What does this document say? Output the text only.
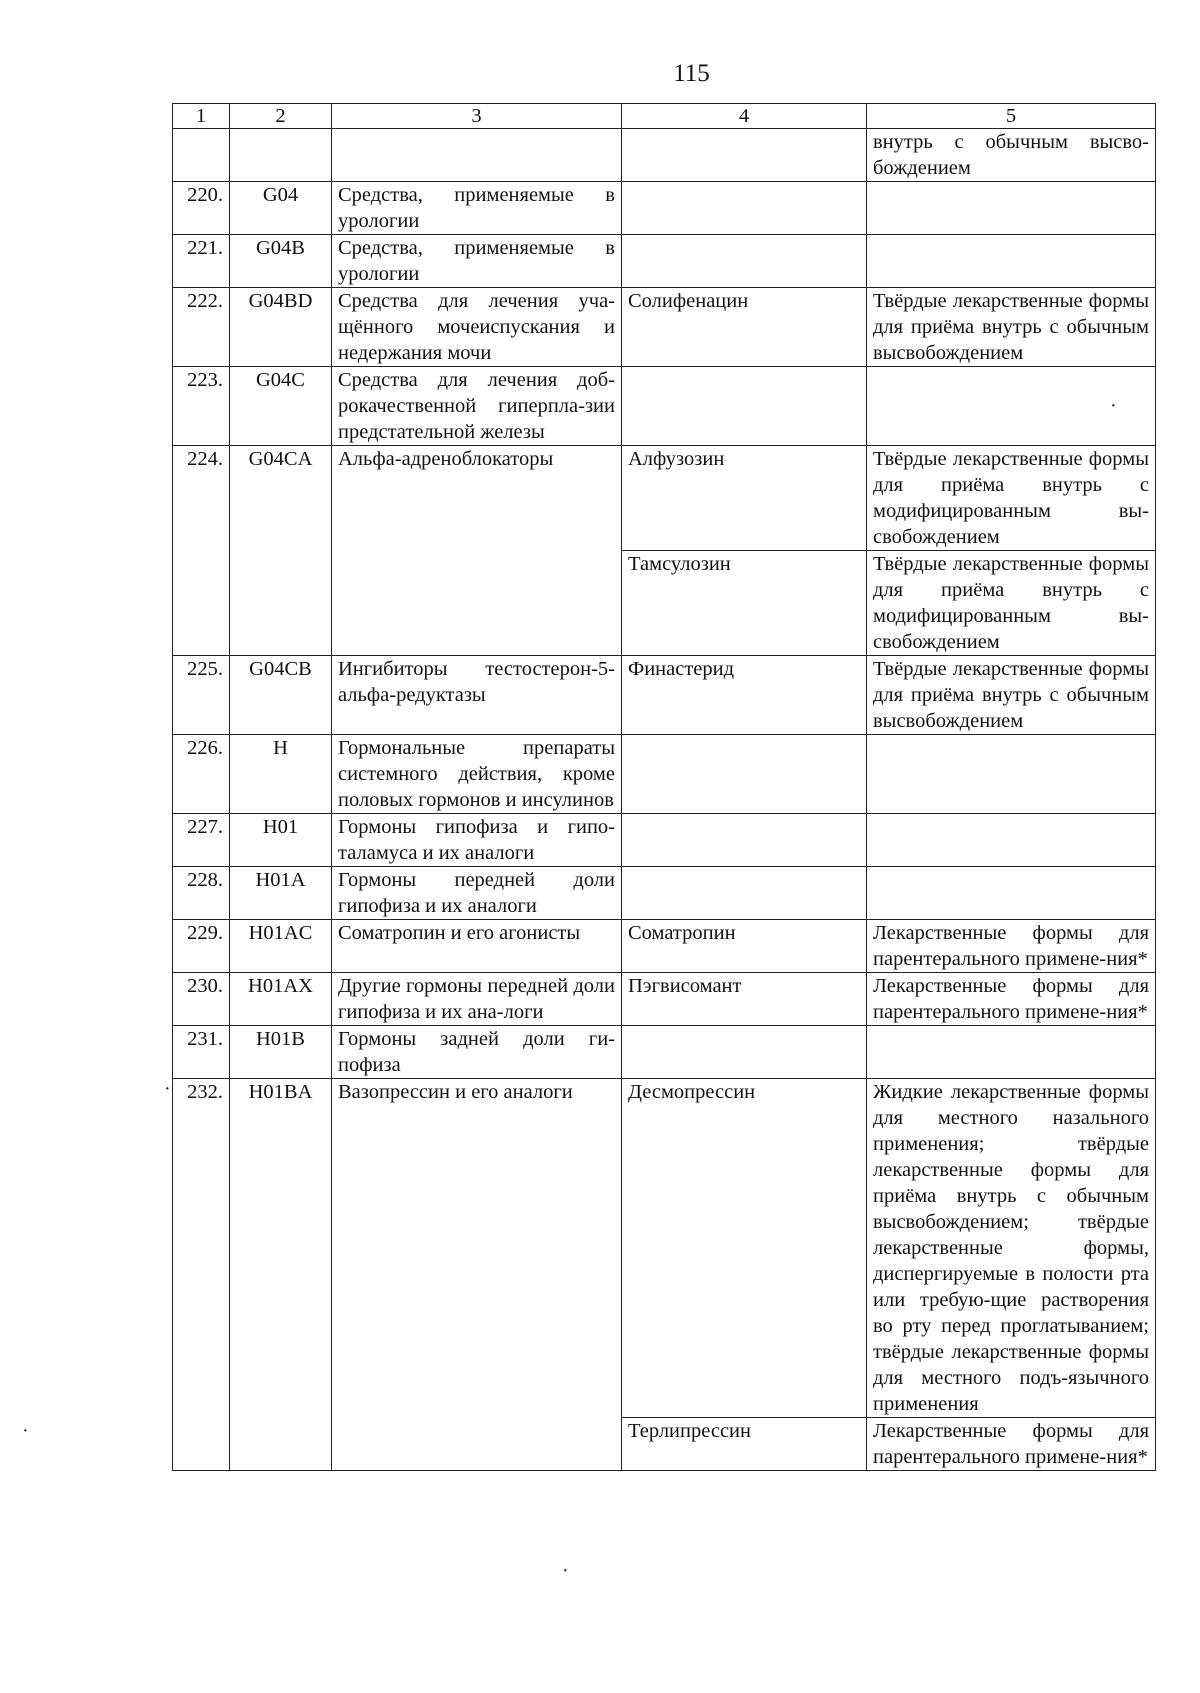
115
1	2	3	4	5
				внутрь с обычным высво-бождением
220.	G04	Средства, применяемые в урологии		
221.	G04B	Средства, применяемые в урологии		
222.	G04BD	Средства для лечения уча-щённого мочеиспускания и недержания мочи	Солифенацин	Твёрдые лекарственные формы для приёма внутрь с обычным высвобождением
223.	G04C	Средства для лечения доб-рокачественной гиперпла-зии предстательной железы		
224.	G04CA	Альфа-адреноблокаторы	Алфузозин	Твёрдые лекарственные формы для приёма внутрь с модифицированным вы-свобождением
			Тамсулозин	Твёрдые лекарственные формы для приёма внутрь с модифицированным вы-свобождением
225.	G04CB	Ингибиторы тестостерон-5-альфа-редуктазы	Финастерид	Твёрдые лекарственные формы для приёма внутрь с обычным высвобождением
226.	H	Гормональные препараты системного действия, кроме половых гормонов и инсулинов		
227.	H01	Гормоны гипофиза и гипо-таламуса и их аналоги		
228.	H01A	Гормоны передней доли гипофиза и их аналоги		
229.	H01AC	Соматропин и его агонисты	Соматропин	Лекарственные формы для парентерального примене-ния*
230.	H01AX	Другие гормоны передней доли гипофиза и их ана-логи	Пэгвисомант	Лекарственные формы для парентерального примене-ния*
231.	H01B	Гормоны задней доли ги-пофиза		
232.	H01BA	Вазопрессин и его аналоги	Десмопрессин	Жидкие лекарственные формы для местного назального применения; твёрдые лекарственные формы для приёма внутрь с обычным высвобождением; твёрдые лекарственные формы, диспергируемые в полости рта или требую-щие растворения во рту перед проглатыванием; твёрдые лекарственные формы для местного подъ-язычного применения
			Терлипрессин	Лекарственные формы для парентерального примене-ния*
·
·
·
·
